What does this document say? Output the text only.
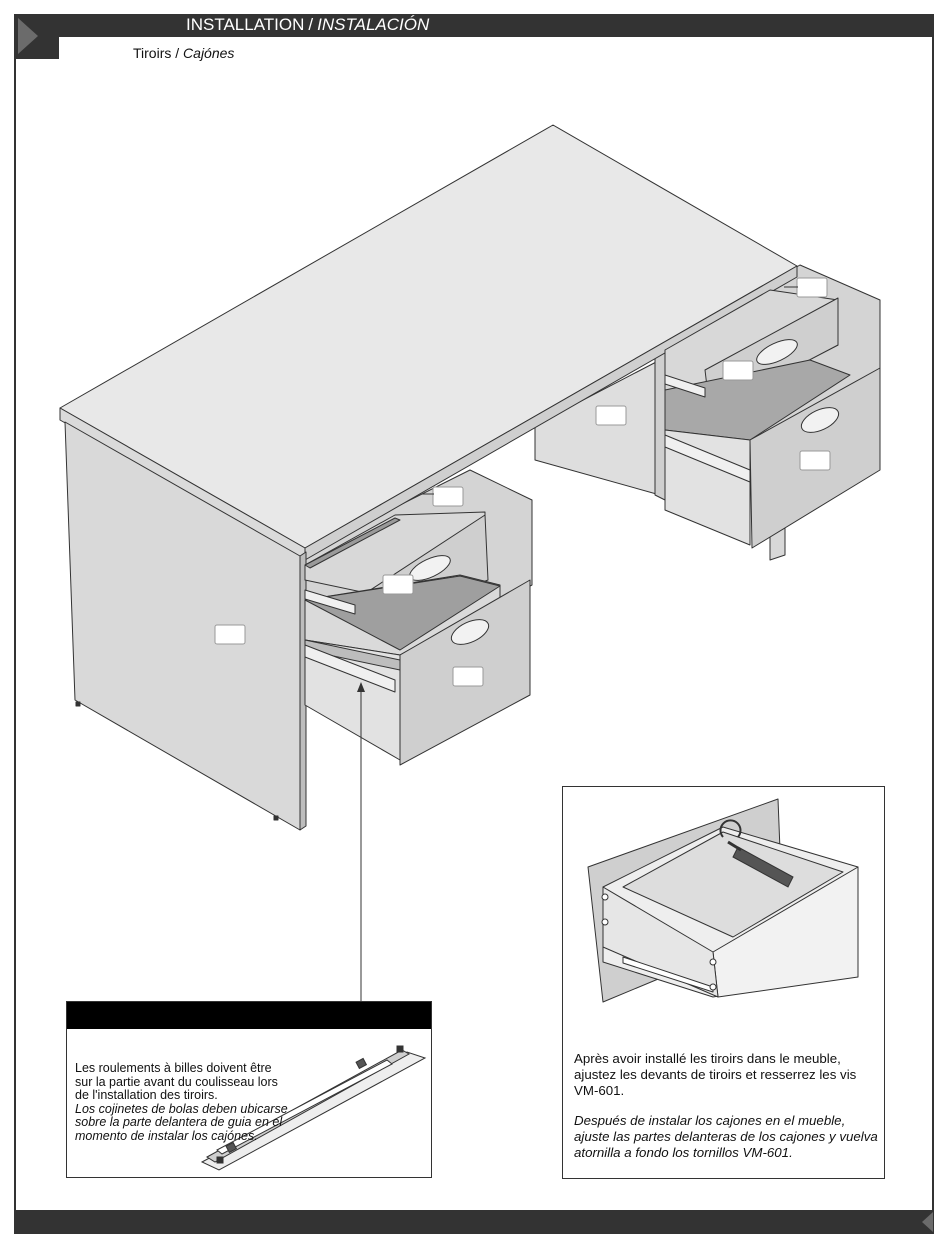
INSTALLATION / INSTALACIÓN
Tiroirs / Cajónes

Les roulements à billes doivent être sur la partie avant du coulisseau lors de l'installation des tiroirs.

Los cojinetes de bolas deben ubicarse sobre la parte delantera de guia en el momento de instalar los cajónes.

Après avoir installé les tiroirs dans le meuble, ajustez les devants de tiroirs et resserrez les vis VM-601.

Después de instalar los cajones en el mueble, ajuste las partes delanteras de los cajones y vuelva atornilla a fondo los tornillos VM-601.
